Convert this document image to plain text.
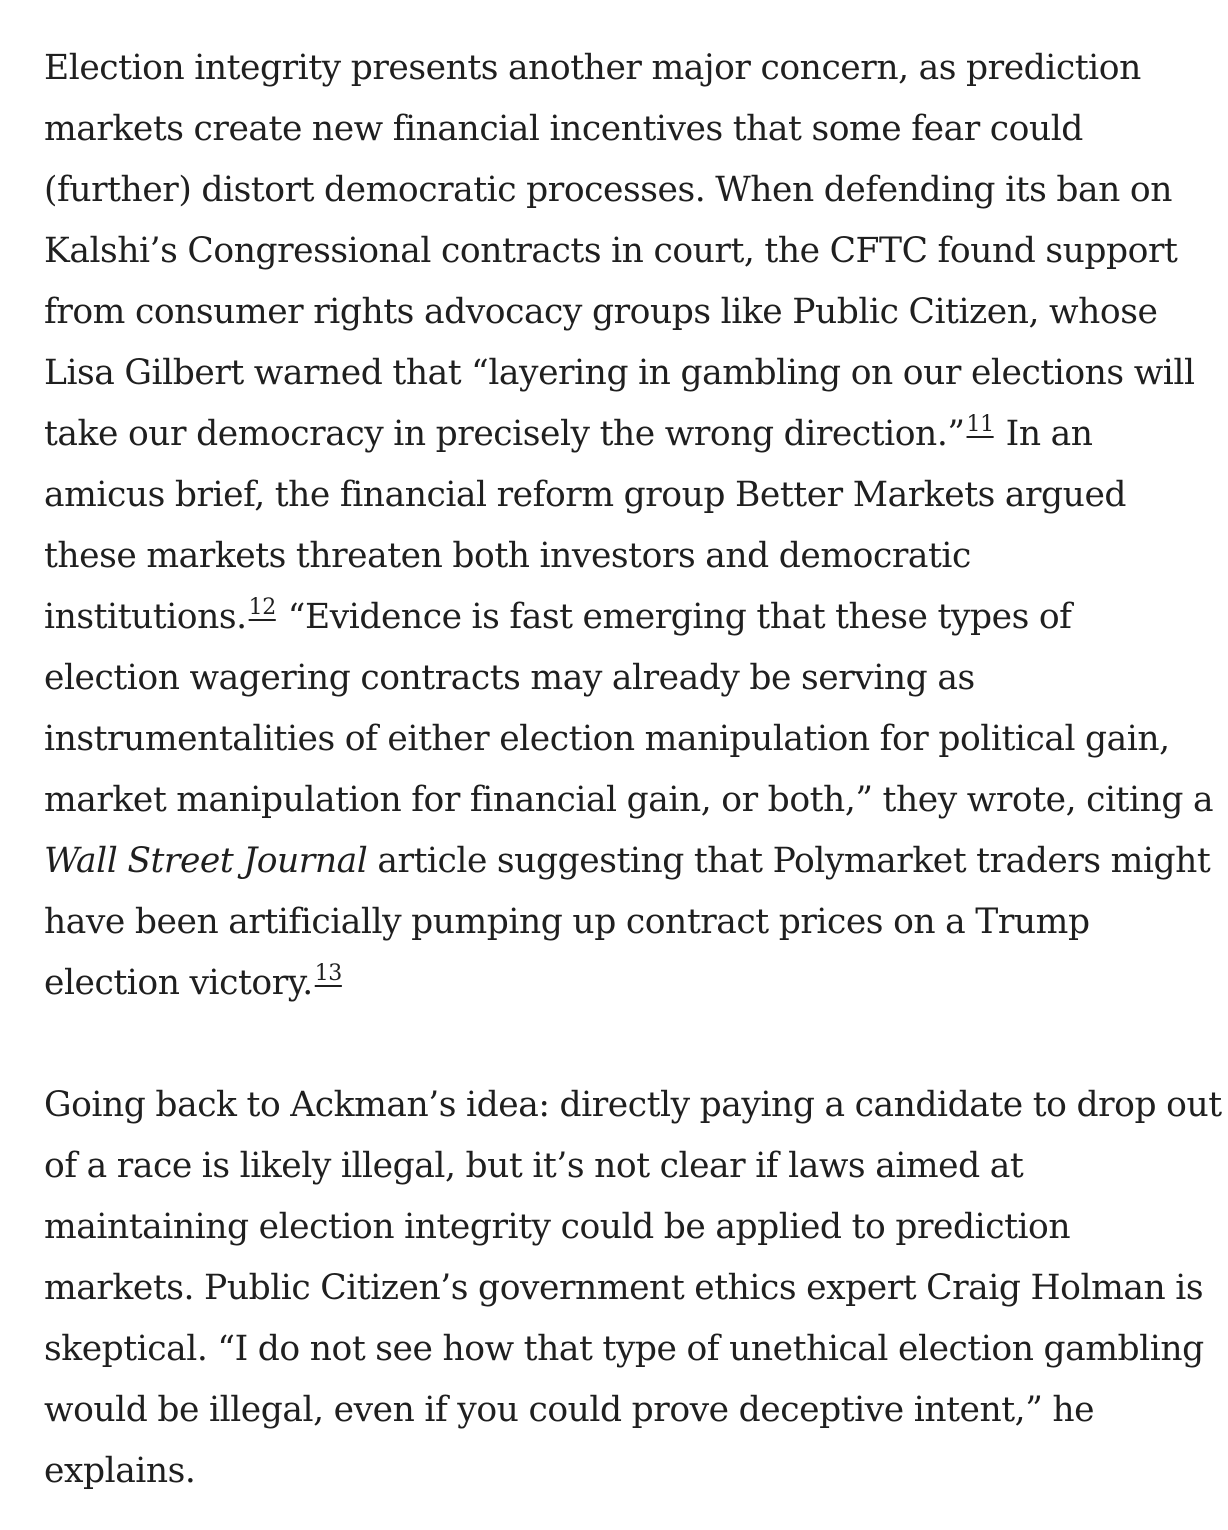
Election integrity presents another major concern, as prediction
markets create new financial incentives that some fear could
(further) distort democratic processes. When defending its ban on
Kalshi’s Congressional contracts in court, the CFTC found support
from consumer rights advocacy groups like Public Citizen, whose
Lisa Gilbert warned that “layering in gambling on our elections will
take our democracy in precisely the wrong direction.”$^{11}$ In an
amicus brief, the financial reform group Better Markets argued
these markets threaten both investors and democratic
institutions.$^{12}$ “Evidence is fast emerging that these types of
election wagering contracts may already be serving as
instrumentalities of either election manipulation for political gain,
market manipulation for financial gain, or both,” they wrote, citing a
Wall Street Journal article suggesting that Polymarket traders might
have been artificially pumping up contract prices on a Trump
election victory.$^{13}$

Going back to Ackman’s idea: directly paying a candidate to drop out
of a race is likely illegal, but it’s not clear if laws aimed at
maintaining election integrity could be applied to prediction
markets. Public Citizen’s government ethics expert Craig Holman is
skeptical. “I do not see how that type of unethical election gambling
would be illegal, even if you could prove deceptive intent,” he
explains.
